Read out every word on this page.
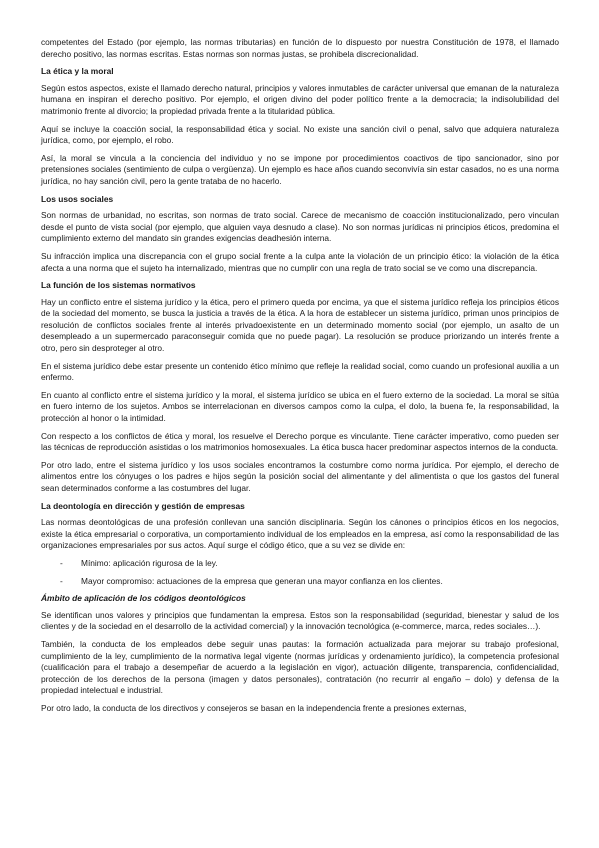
competentes del Estado (por ejemplo, las normas tributarias) en función de lo dispuesto por nuestra Constitución de 1978, el llamado derecho positivo, las normas escritas. Estas normas son normas justas, se prohibela discrecionalidad.

La ética y la moral

Según estos aspectos, existe el llamado derecho natural, principios y valores inmutables de carácter universal que emanan de la naturaleza humana en inspiran el derecho positivo. Por ejemplo, el origen divino del poder político frente a la democracia; la indisolubilidad del matrimonio frente al divorcio; la propiedad privada frente a la titularidad pública.

Aquí se incluye la coacción social, la responsabilidad ética y social. No existe una sanción civil o penal, salvo que adquiera naturaleza jurídica, como, por ejemplo, el robo.

Así, la moral se vincula a la conciencia del individuo y no se impone por procedimientos coactivos de tipo sancionador, sino por pretensiones sociales (sentimiento de culpa o vergüenza). Un ejemplo es hace años cuando seconvivía sin estar casados, no es una norma jurídica, no hay sanción civil, pero la gente trataba de no hacerlo.

Los usos sociales

Son normas de urbanidad, no escritas, son normas de trato social. Carece de mecanismo de coacción institucionalizado, pero vinculan desde el punto de vista social (por ejemplo, que alguien vaya desnudo a clase). No son normas jurídicas ni principios éticos, predomina el cumplimiento externo del mandato sin grandes exigencias deadhesión interna.

Su infracción implica una discrepancia con el grupo social frente a la culpa ante la violación de un principio ético: la violación de la ética afecta a una norma que el sujeto ha internalizado, mientras que no cumplir con una regla de trato social se ve como una discrepancia.

La función de los sistemas normativos

Hay un conflicto entre el sistema jurídico y la ética, pero el primero queda por encima, ya que el sistema jurídico refleja los principios éticos de la sociedad del momento, se busca la justicia a través de la ética. A la hora de establecer un sistema jurídico, priman unos principios de resolución de conflictos sociales frente al interés privadoexistente en un determinado momento social (por ejemplo, un asalto de un desempleado a un supermercado paraconseguir comida que no puede pagar). La resolución se produce priorizando un interés frente a otro, pero sin desproteger al otro.

En el sistema jurídico debe estar presente un contenido ético mínimo que refleje la realidad social, como cuando un profesional auxilia a un enfermo.

En cuanto al conflicto entre el sistema jurídico y la moral, el sistema jurídico se ubica en el fuero externo de la sociedad. La moral se sitúa en fuero interno de los sujetos. Ambos se interrelacionan en diversos campos como la culpa, el dolo, la buena fe, la responsabilidad, la protección al honor o la intimidad.

Con respecto a los conflictos de ética y moral, los resuelve el Derecho porque es vinculante. Tiene carácter imperativo, como pueden ser las técnicas de reproducción asistidas o los matrimonios homosexuales. La ética busca hacer predominar aspectos internos de la conducta.

Por otro lado, entre el sistema jurídico y los usos sociales encontramos la costumbre como norma jurídica. Por ejemplo, el derecho de alimentos entre los cónyuges o los padres e hijos según la posición social del alimentante y del alimentista o que los gastos del funeral sean determinados conforme a las costumbres del lugar.

La deontología en dirección y gestión de empresas

Las normas deontológicas de una profesión conllevan una sanción disciplinaria. Según los cánones o principios éticos en los negocios, existe la ética empresarial o corporativa, un comportamiento individual de los empleados en la empresa, así como la responsabilidad de las organizaciones empresariales por sus actos. Aquí surge el código ético, que a su vez se divide en:

- Mínimo: aplicación rigurosa de la ley.
- Mayor compromiso: actuaciones de la empresa que generan una mayor confianza en los clientes.
Ámbito de aplicación de los códigos deontológicos

Se identifican unos valores y principios que fundamentan la empresa. Estos son la responsabilidad (seguridad, bienestar y salud de los clientes y de la sociedad en el desarrollo de la actividad comercial) y la innovación tecnológica (e-commerce, marca, redes sociales…).

También, la conducta de los empleados debe seguir unas pautas: la formación actualizada para mejorar su trabajo profesional, cumplimiento de la ley, cumplimiento de la normativa legal vigente (normas jurídicas y ordenamiento jurídico), la competencia profesional (cualificación para el trabajo a desempeñar de acuerdo a la legislación en vigor), actuación diligente, transparencia, confidencialidad, protección de los derechos de la persona (imagen y datos personales), contratación (no recurrir al engaño – dolo) y defensa de la propiedad intelectual e industrial.

Por otro lado, la conducta de los directivos y consejeros se basan en la independencia frente a presiones externas,
